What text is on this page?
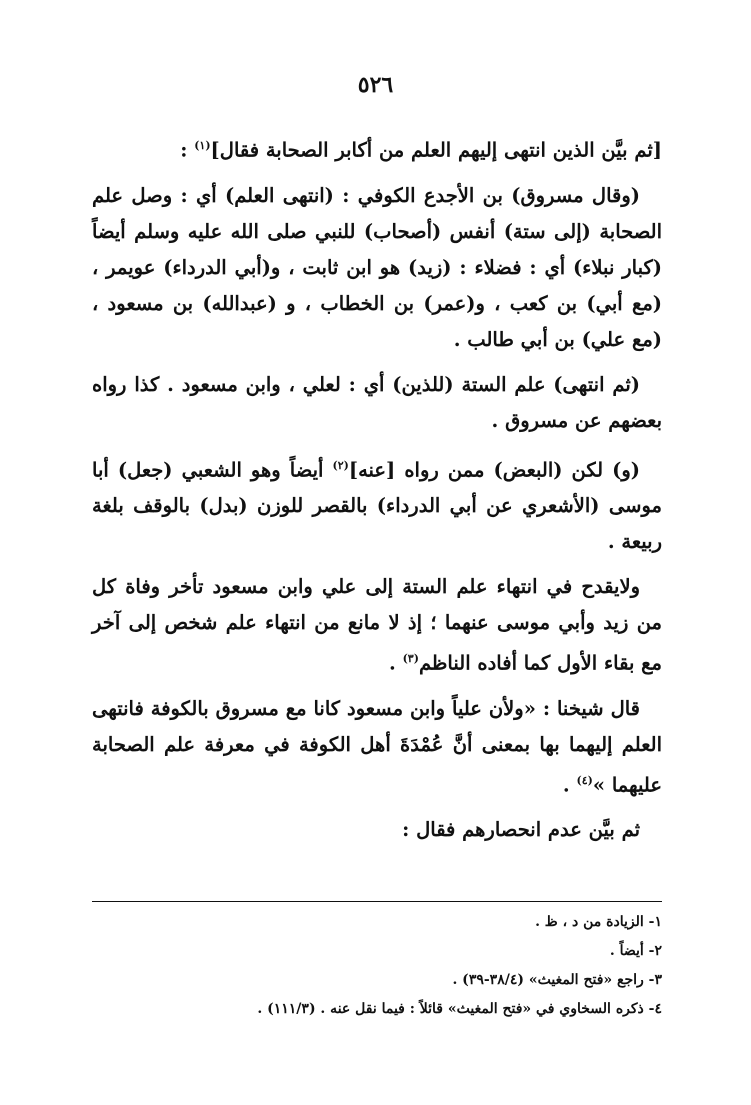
٥٢٦

[ثم بيَّن الذين انتهى إليهم العلم من أكابر الصحابة فقال]$^{(١)}$ :

(وقال مسروق) بن الأجدع الكوفي : (انتهى العلم) أي : وصل علم الصحابة (إلى ستة) أنفس (أصحاب) للنبي صلى الله عليه وسلم أيضاً (كبار نبلاء) أي : فضلاء : (زيد) هو ابن ثابت ، و(أبي الدرداء) عويمر ، (مع أبي) بن كعب ، و(عمر) بن الخطاب ، و (عبدالله) بن مسعود ، (مع علي) بن أبي طالب .

(ثم انتهى) علم الستة (للذين) أي : لعلي ، وابن مسعود . كذا رواه بعضهم عن مسروق .

(و) لكن (البعض) ممن رواه [عنه]$^{(٢)}$ أيضاً وهو الشعبي (جعل) أبا موسى (الأشعري عن أبي الدرداء) بالقصر للوزن (بدل) بالوقف بلغة ربيعة .

ولايقدح في انتهاء علم الستة إلى علي وابن مسعود تأخر وفاة كل من زيد وأبي موسى عنهما ؛ إذ لا مانع من انتهاء علم شخص إلى آخر مع بقاء الأول كما أفاده الناظم$^{(٣)}$ .

قال شيخنا : «ولأن علياً وابن مسعود كانا مع مسروق بالكوفة فانتهى العلم إليهما بها بمعنى أنَّ عُمْدَةَ أهل الكوفة في معرفة علم الصحابة عليهما »$^{(٤)}$ .

ثم بيَّن عدم انحصارهم فقال :

١- الزيادة من د ، ظ .

٢- أيضاً .

٣- راجع «فتح المغيث» (٣٨/٤-٣٩) .

٤- ذكره السخاوي في «فتح المغيث» قائلاً : فيما نقل عنه . (١١١/٣) .
